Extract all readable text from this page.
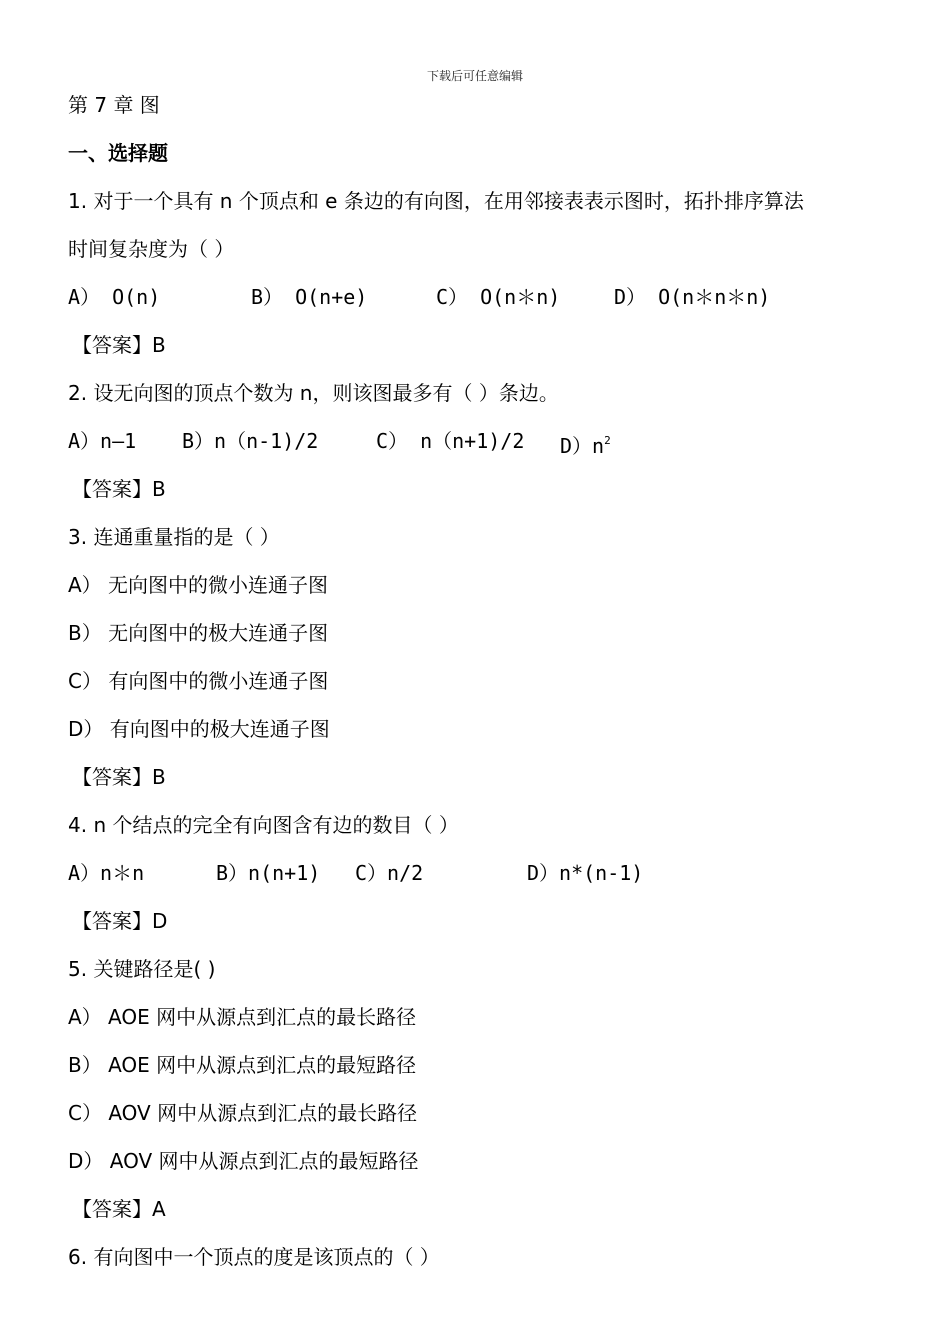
下载后可任意编辑
第 7 章 图
一、选择题
1. 对于一个具有 n 个顶点和 e 条边的有向图，在用邻接表表示图时，拓扑排序算法
时间复杂度为（ ）
A） O(n)	B） O(n+e)	C） O(n＊n)	D） O(n＊n＊n)
【答案】B
2. 设无向图的顶点个数为 n，则该图最多有（ ）条边。
A）n—1 B）n（n-1)/2	C） n（n+1)/2 $D)n^2$
【答案】B
3. 连通重量指的是（ ）
A） 无向图中的微小连通子图
B） 无向图中的极大连通子图
C） 有向图中的微小连通子图
D） 有向图中的极大连通子图
【答案】B
4. n 个结点的完全有向图含有边的数目（ ）
A）n＊n	B）n(n+1) C）n/2	D）n*(n-1)
【答案】D
5. 关键路径是( )
A） AOE 网中从源点到汇点的最长路径
B） AOE 网中从源点到汇点的最短路径
C） AOV 网中从源点到汇点的最长路径
D） AOV 网中从源点到汇点的最短路径
【答案】A
6. 有向图中一个顶点的度是该顶点的（ ）
